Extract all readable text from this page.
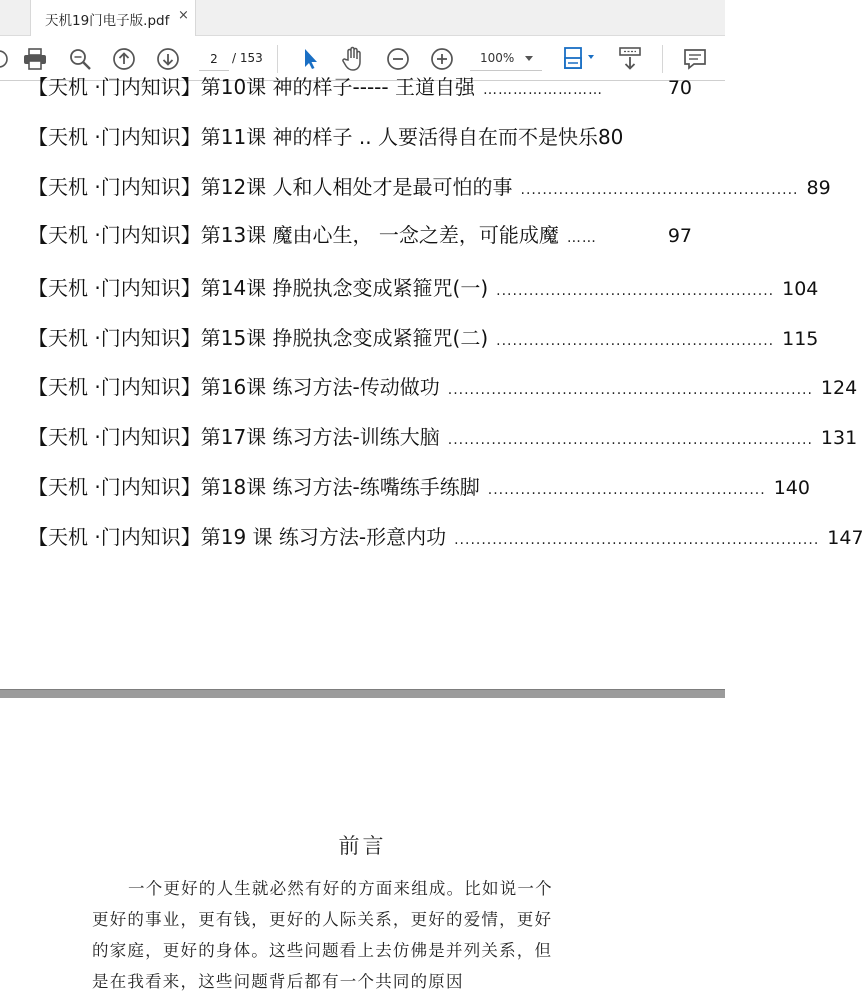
天机19门电子版.pdf ×
2
/ 153	100%
【天机 ·门内知识】第10课 神的样子----- 王道自强 ……………………	70
【天机 ·门内知识】第11课 神的样子 .. 人要活得自在而不是快乐80
【天机 ·门内知识】第12课 人和人相处才是最可怕的事 ................................................... 89
【天机 ·门内知识】第13课 魔由心生， 一念之差，可能成魔 ……	97
【天机 ·门内知识】第14课 挣脱执念变成紧箍咒(一) ................................................... 104
【天机 ·门内知识】第15课 挣脱执念变成紧箍咒(二) ................................................... 115
【天机 ·门内知识】第16课 练习方法-传动做功 ................................................................... 124
【天机 ·门内知识】第17课 练习方法-训练大脑 ................................................................... 131
【天机 ·门内知识】第18课 练习方法-练嘴练手练脚 ................................................... 140
【天机 ·门内知识】第19 课 练习方法-形意内功 ................................................................... 147
前言
一个更好的人生就必然有好的方面来组成。比如说一个更好的事业，更有钱，更好的人际关系，更好的爱情，更好的家庭，更好的身体。这些问题看上去仿佛是并列关系，但是在我看来，这些问题背后都有一个共同的原因
